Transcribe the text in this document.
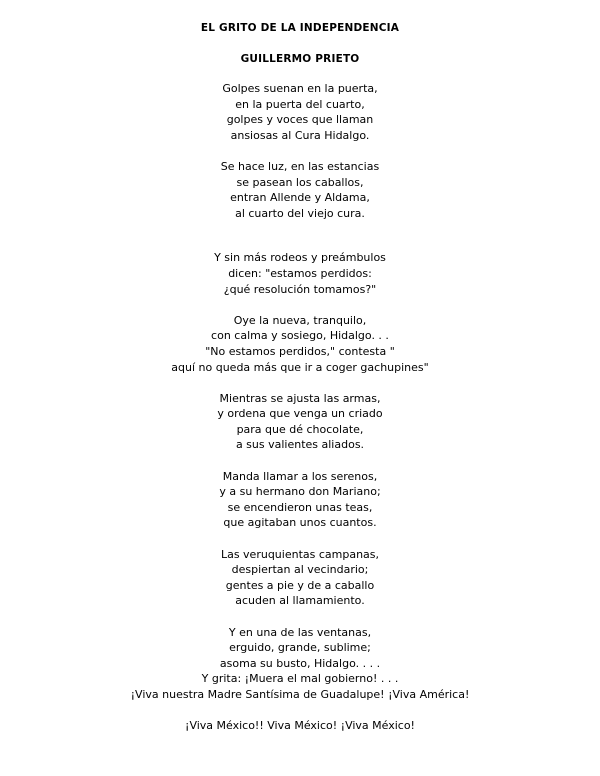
EL GRITO DE LA INDEPENDENCIA
GUILLERMO PRIETO
Golpes suenan en la puerta,
en la puerta del cuarto,
golpes y voces que llaman
ansiosas al Cura Hidalgo.
Se hace luz, en las estancias
se pasean los caballos,
entran Allende y Aldama,
al cuarto del viejo cura.
Y sin más rodeos y preámbulos
dicen: "estamos perdidos:
¿qué resolución tomamos?"
Oye la nueva, tranquilo,
con calma y sosiego, Hidalgo. . .
"No estamos perdidos," contesta "
aquí no queda más que ir a coger gachupines"
Mientras se ajusta las armas,
y ordena que venga un criado
para que dé chocolate,
a sus valientes aliados.
Manda llamar a los serenos,
y a su hermano don Mariano;
se encendieron unas teas,
que agitaban unos cuantos.
Las veruquientas campanas,
despiertan al vecindario;
gentes a pie y de a caballo
acuden al llamamiento.
Y en una de las ventanas,
erguido, grande, sublime;
asoma su busto, Hidalgo. . . .
Y grita: ¡Muera el mal gobierno! . . .
¡Viva nuestra Madre Santísima de Guadalupe! ¡Viva América!
¡Viva México!! Viva México! ¡Viva México!
